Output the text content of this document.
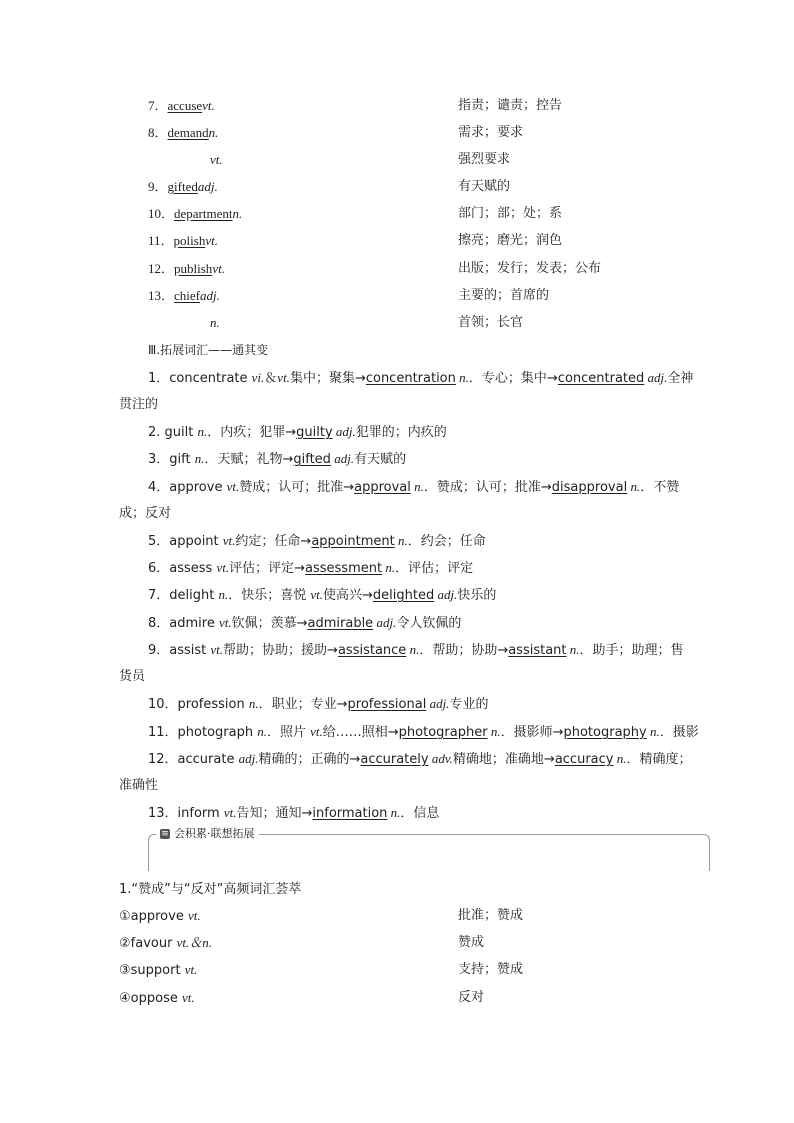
7．accusevt.	指责；谴责；控告
8．demandn.	需求；要求
vt.	强烈要求
9．giftedadj.	有天赋的
10．departmentn.	部门；部；处；系
11．polishvt.	擦亮；磨光；润色
12．publishvt.	出版；发行；发表；公布
13．chiefadj.	主要的；首席的
n.	首领；长官
Ⅲ.拓展词汇——通其变
1．concentrate vi.＆vt.集中；聚集→concentration n.．专心；集中→concentrated adj.全神
贯注的
2. guilt n.．内疚；犯罪→guilty adj.犯罪的；内疚的
3．gift n.．天赋；礼物→gifted adj.有天赋的
4．approve vt.赞成；认可；批准→approval n.．赞成；认可；批准→disapproval n.．不赞
成；反对
5．appoint vt.约定；任命→appointment n.．约会；任命
6．assess vt.评估；评定→assessment n.．评估；评定
7．delight n.．快乐；喜悦 vt.使高兴→delighted adj.快乐的
8．admire vt.钦佩；羡慕→admirable adj.令人钦佩的
9．assist vt.帮助；协助；援助→assistance n.．帮助；协助→assistant n.．助手；助理；售
货员
10．profession n.．职业；专业→professional adj.专业的
11．photograph n.．照片 vt.给……照相→photographer n.．摄影师→photography n.．摄影
12．accurate adj.精确的；正确的→accurately adv.精确地；准确地→accuracy n.．精确度；
准确性
13．inform vt.告知；通知→information n.．信息
≡ 会积累·联想拓展
1.“赞成”与“反对”高频词汇荟萃
①approve vt.	批准；赞成
②favour vt.＆n.	赞成
③support vt.	支持；赞成
④oppose vt.	反对
